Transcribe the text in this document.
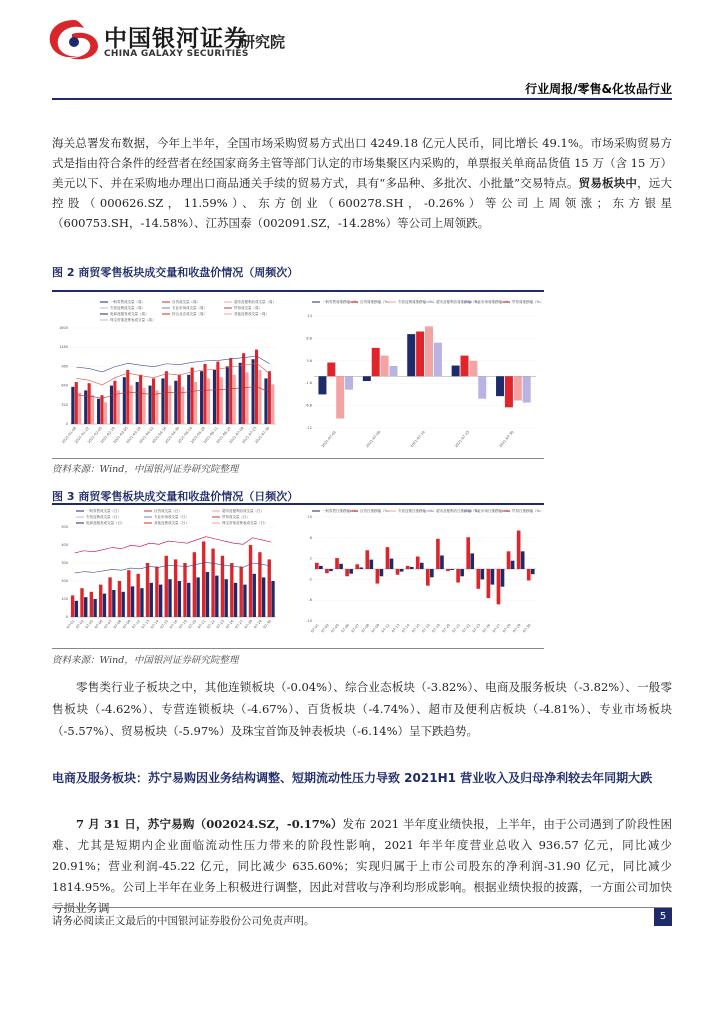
中国银河证券
研究院
CHINA GALAXY SECURITIES
行业周报/零售&化妆品行业
海关总署发布数据，今年上半年，全国市场采购贸易方式出口 4249.18 亿元人民币，同比增长 49.1%。市场采购贸易方式是指由符合条件的经营者在经国家商务主管等部门认定的市场集聚区内采购的，单票报关单商品货值 15 万（含 15 万）美元以下、并在采购地办理出口商品通关手续的贸易方式，具有“多品种、多批次、小批量”交易特点。贸易板块中，远大控股（000626.SZ，11.59%）、东方创业（600278.SH，-0.26%）等公司上周领涨；东方银星（600753.SH，-14.58%）、江苏国泰（002091.SZ，-14.28%）等公司上周领跌。
图 2 商贸零售板块成交量和收盘价情况（周频次）
一般零售成交量（周）	百货成交量（周）	超市及便利店成交量（周）
专营连锁成交量（周）	专业市场成交量（周）	贸易成交量（周）
电商及服务成交量（周）	综合业态成交量（周）	其他连锁成交量（周）
珠宝首饰及钟表成交量（周）
0
320
640
960
1280
1600
2021-01-08
2021-01-22
2021-02-05
2021-02-19
2021-03-05
2021-03-19
2021-04-02
2021-04-16
2021-04-30
2021-05-14
2021-05-28
2021-06-11
2021-06-25
2021-07-09
2021-07-23
2021-07-30
一般零售周涨跌幅（%） 百货周涨跌幅（%） 专营连锁周涨跌幅（%） 超市及便利店周涨跌幅（%）
专业市场周涨跌幅（%） 贸易周涨跌幅（%）
-12
-6.8
-1.6
3.6
8.8
14
2021-07-02	2021-07-09	2021-07-16	2021-07-23	2021-07-30
资料来源：Wind，中国银河证券研究院整理
图 3 商贸零售板块成交量和收盘价情况（日频次）
一般零售成交量（日）	百货成交量（日）	超市及便利店成交量（日）
专营连锁成交量（日）	专业市场成交量（日）	贸易成交量（日）
电商及服务成交量（日）	其他连锁成交量（日）	珠宝首饰及钟表成交量（日）
0
100
200
300
400
500
07-01 07-02 07-05 07-06 07-07 07-08 07-09 07-12 07-13 07-14 07-15 07-16 07-19 07-20 07-21 07-22 07-23 07-26 07-27 07-28 07-29 07-30
一般零售日涨跌幅（%） 百货日涨跌幅（%） 专营连锁日涨跌幅（%） 超市及便利店日涨跌幅（%）
专业市场日涨跌幅（%） 贸易日涨跌幅（%）
-10
-6
-2
2
6
10
07-01 07-02 07-05 07-06 07-07 07-08 07-09 07-12 07-13 07-14 07-15 07-16 07-19 07-20 07-21 07-22 07-23 07-26 07-27 07-28 07-29 07-30
资料来源：Wind，中国银河证券研究院整理
零售类行业子板块之中，其他连锁板块（-0.04%）、综合业态板块（-3.82%）、电商及服务板块（-3.82%）、一般零售板块（-4.62%）、专营连锁板块（-4.67%）、百货板块（-4.74%）、超市及便利店板块（-4.81%）、专业市场板块（-5.57%）、贸易板块（-5.97%）及珠宝首饰及钟表板块（-6.14%）呈下跌趋势。
电商及服务板块：苏宁易购因业务结构调整、短期流动性压力导致 2021H1 营业收入及归母净利较去年同期大跌
7 月 31 日，苏宁易购（002024.SZ，-0.17%）发布 2021 半年度业绩快报，上半年，由于公司遇到了阶段性困难、尤其是短期内企业面临流动性压力带来的阶段性影响，2021 年半年度营业总收入 936.57 亿元，同比减少 20.91%；营业利润-45.22 亿元，同比减少 635.60%；实现归属于上市公司股东的净利润-31.90 亿元，同比减少 1814.95%。公司上半年在业务上积极进行调整，因此对营收与净利均形成影响。根据业绩快报的披露，一方面公司加快亏损业务调
请务必阅读正文最后的中国银河证券股份公司免责声明。	5
